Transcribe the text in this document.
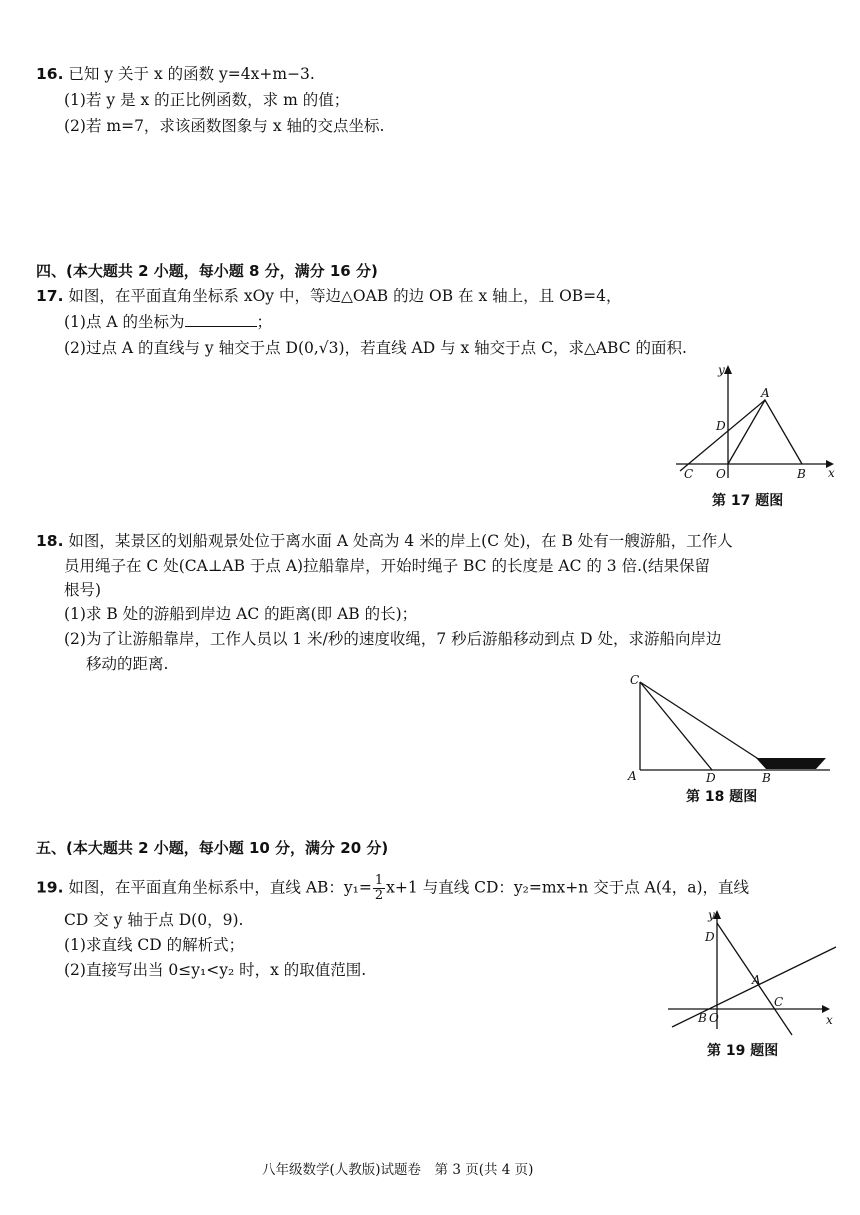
16. 已知 y 关于 x 的函数 y=4x+m−3.
(1)若 y 是 x 的正比例函数，求 m 的值；
(2)若 m=7，求该函数图象与 x 轴的交点坐标.
四、(本大题共 2 小题，每小题 8 分，满分 16 分)
17. 如图，在平面直角坐标系 xOy 中，等边△OAB 的边 OB 在 x 轴上，且 OB=4，
(1)点 A 的坐标为	；
(2)过点 A 的直线与 y 轴交于点 D(0,√3)，若直线 AD 与 x 轴交于点 C，求△ABC 的面积.
y
A
D
C O	B x
第 17 题图
18. 如图，某景区的划船观景处位于离水面 A 处高为 4 米的岸上(C 处)，在 B 处有一艘游船，工作人
员用绳子在 C 处(CA⊥AB 于点 A)拉船靠岸，开始时绳子 BC 的长度是 AC 的 3 倍.(结果保留
根号)
(1)求 B 处的游船到岸边 AC 的距离(即 AB 的长)；
(2)为了让游船靠岸，工作人员以 1 米/秒的速度收绳，7 秒后游船移动到点 D 处，求游船向岸边
移动的距离.
C
A	D	B
第 18 题图
五、(本大题共 2 小题，每小题 10 分，满分 20 分)
19. 如图，在平面直角坐标系中，直线 AB：$y_1= \frac{1}{2} x+1$ 与直线 CD：y₂=mx+n 交于点 A(4，a)，直线
CD 交 y 轴于点 D(0，9).
(1)求直线 CD 的解析式；
(2)直接写出当 0≤y₁<y₂ 时，x 的取值范围.
y
D
A
C
B O	x
第 19 题图
八年级数学(人教版)试题卷　第 3 页(共 4 页)
